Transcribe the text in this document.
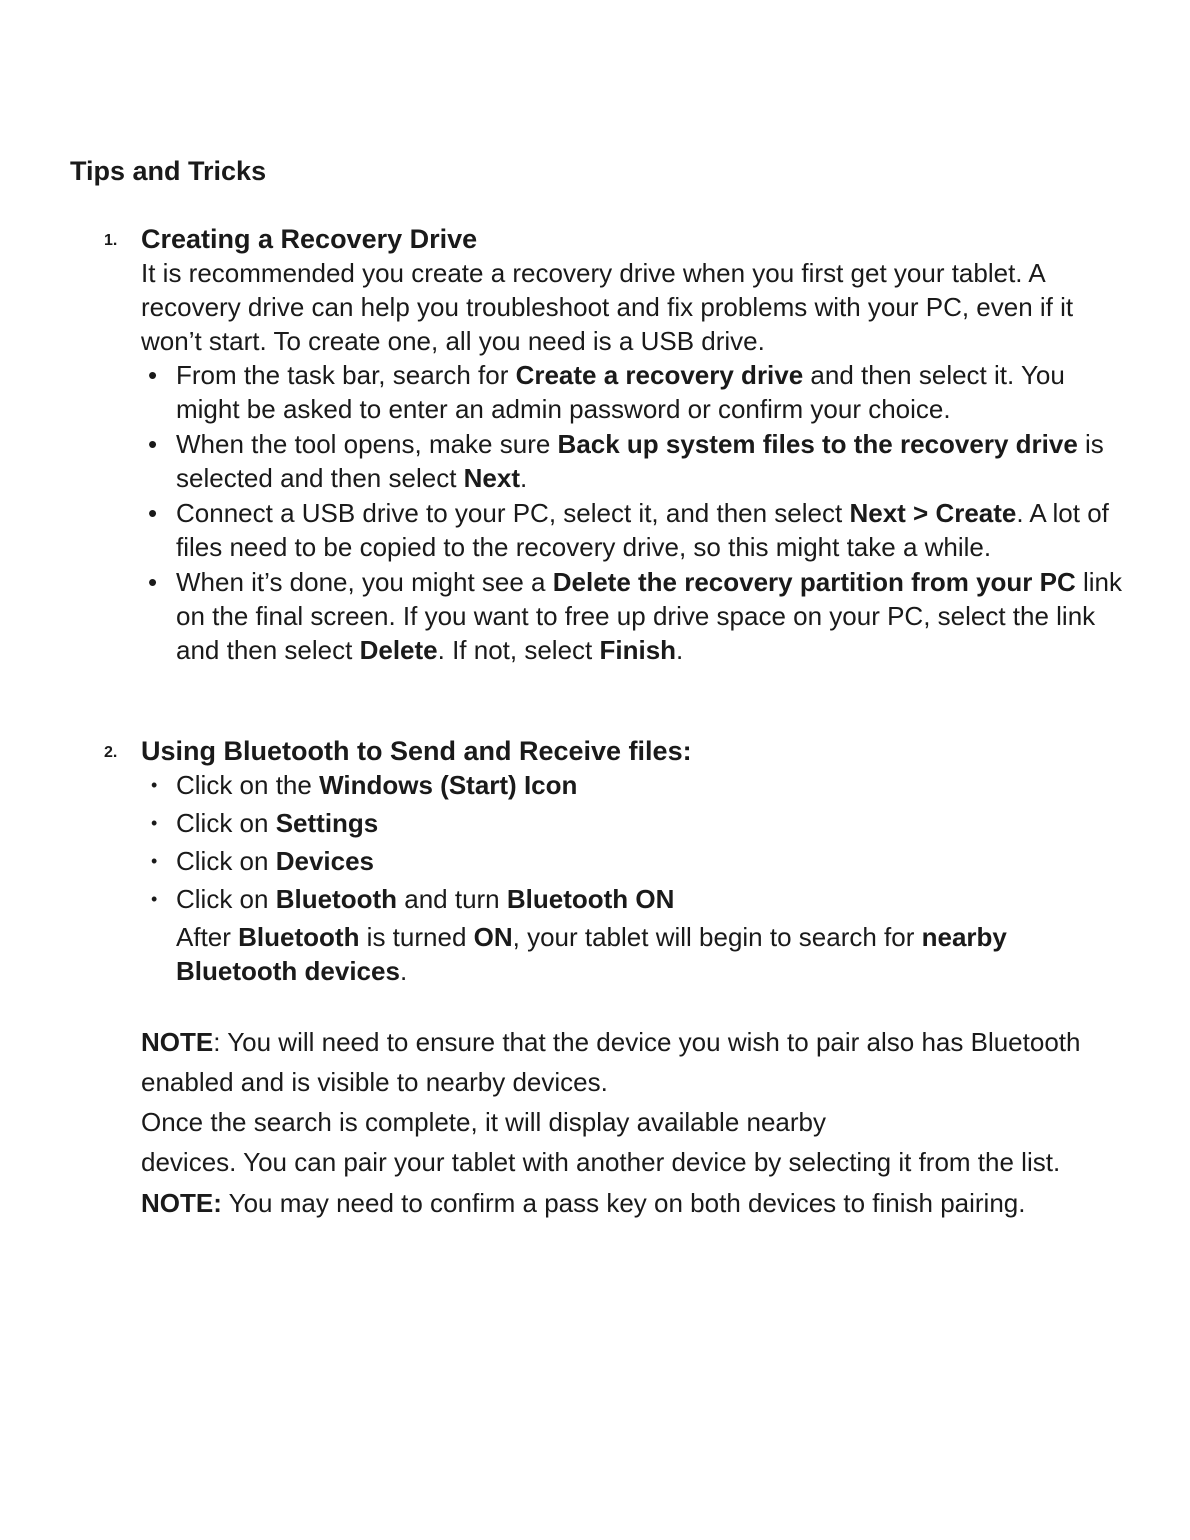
Tips and Tricks
1. Creating a Recovery Drive

It is recommended you create a recovery drive when you first get your tablet. A recovery drive can help you troubleshoot and fix problems with your PC, even if it won’t start. To create one, all you need is a USB drive.

• From the task bar, search for Create a recovery drive and then select it. You might be asked to enter an admin password or confirm your choice.
• When the tool opens, make sure Back up system files to the recovery drive is selected and then select Next.
• Connect a USB drive to your PC, select it, and then select Next > Create. A lot of files need to be copied to the recovery drive, so this might take a while.
• When it’s done, you might see a Delete the recovery partition from your PC link on the final screen. If you want to free up drive space on your PC, select the link and then select Delete. If not, select Finish.
2. Using Bluetooth to Send and Receive files:
• Click on the Windows (Start) Icon
• Click on Settings
• Click on Devices
• Click on Bluetooth and turn Bluetooth ON

After Bluetooth is turned ON, your tablet will begin to search for nearby Bluetooth devices.

NOTE: You will need to ensure that the device you wish to pair also has Bluetooth enabled and is visible to nearby devices.

Once the search is complete, it will display available nearby

devices. You can pair your tablet with another device by selecting it from the list.

NOTE: You may need to confirm a pass key on both devices to finish pairing.
